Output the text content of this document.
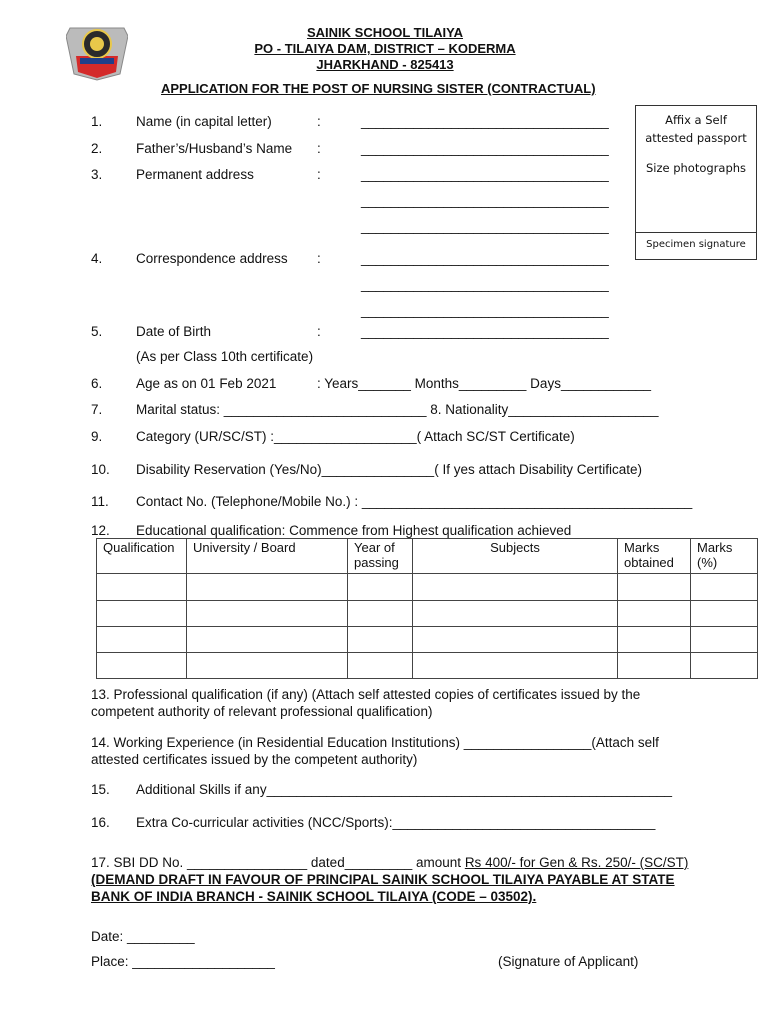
SAINIK SCHOOL TILAIYA
PO - TILAIYA DAM, DISTRICT – KODERMA
JHARKHAND - 825413
APPLICATION FOR THE POST OF NURSING SISTER (CONTRACTUAL)
Affix a Self
attested passport
Size photographs
Specimen signature
1. Name (in capital letter)	:	_________________________________
2. Father’s/Husband’s Name :	_________________________________
3. Permanent address	:	_________________________________
_________________________________
_________________________________
4. Correspondence address :	_________________________________
_________________________________
_________________________________
5. Date of Birth	:	_________________________________
(As per Class 10th certificate)
6. Age as on 01 Feb 2021	: Years_______ Months_________ Days____________
7. Marital status: ___________________________ 8. Nationality____________________
9. Category (UR/SC/ST) :___________________( Attach SC/ST Certificate)
10. Disability Reservation (Yes/No)_______________( If yes attach Disability Certificate)
11. Contact No. (Telephone/Mobile No.) : ____________________________________________
12. Educational qualification: Commence from Highest qualification achieved
Qualification	University / Board	Year of passing	Subjects	Marks obtained	Marks (%)

13. Professional qualification (if any) (Attach self attested copies of certificates issued by the competent authority of relevant professional qualification)
14. Working Experience (in Residential Education Institutions) _________________(Attach self attested certificates issued by the competent authority)
15. Additional Skills if any______________________________________________________
16. Extra Co-curricular activities (NCC/Sports):___________________________________
17. SBI DD No. ________________ dated_________ amount Rs 400/- for Gen & Rs. 250/- (SC/ST) (DEMAND DRAFT IN FAVOUR OF PRINCIPAL SAINIK SCHOOL TILAIYA PAYABLE AT STATE BANK OF INDIA BRANCH - SAINIK SCHOOL TILAIYA (CODE – 03502).
Date: _________
Place: ___________________	(Signature of Applicant)
